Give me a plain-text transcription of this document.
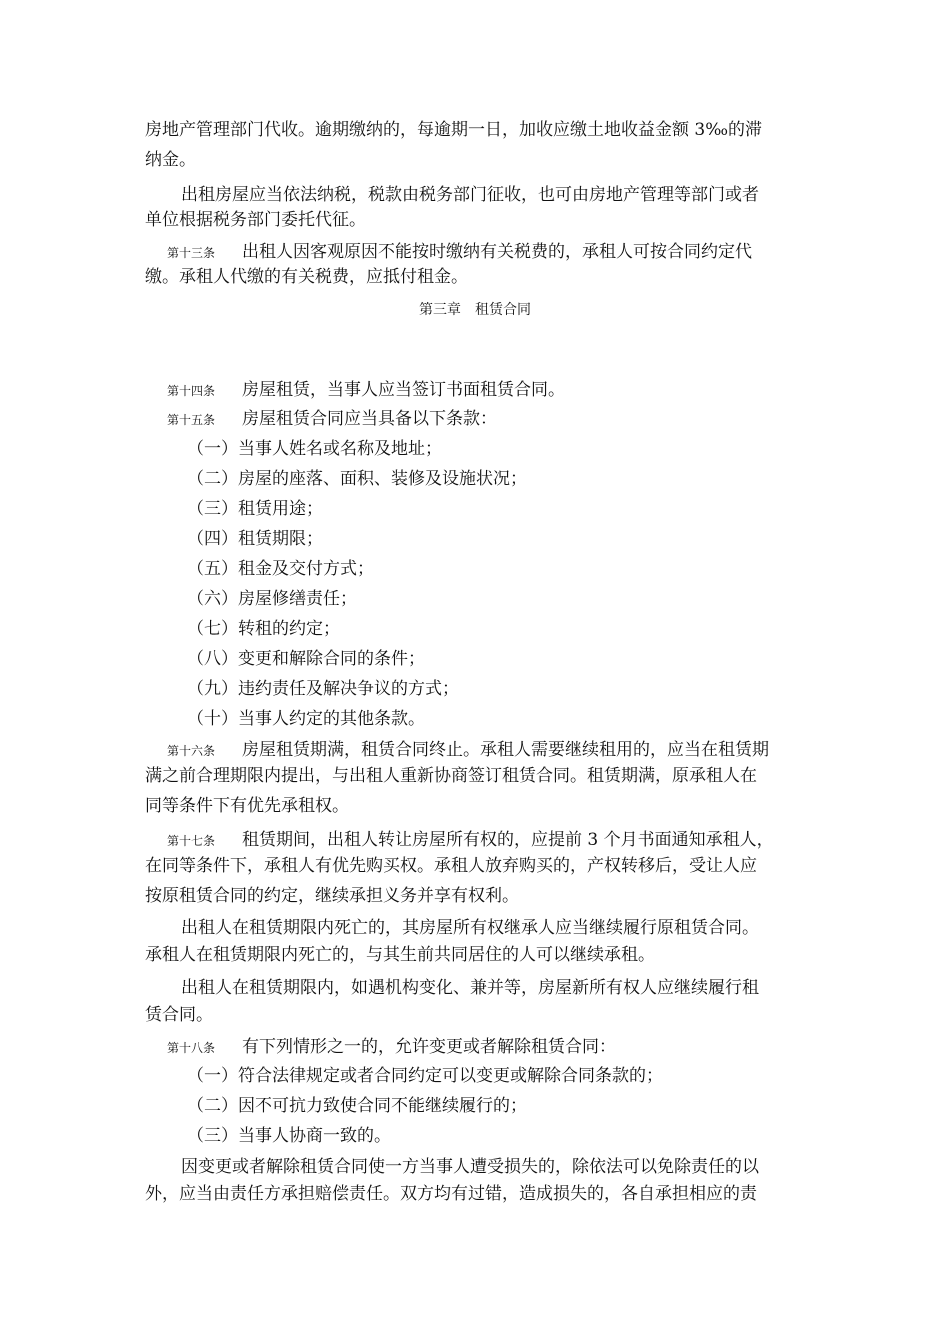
房地产管理部门代收。逾期缴纳的，每逾期一日，加收应缴土地收益金额 3‰的滞
纳金。
出租房屋应当依法纳税，税款由税务部门征收，也可由房地产管理等部门或者
单位根据税务部门委托代征。
第十三条 出租人因客观原因不能按时缴纳有关税费的，承租人可按合同约定代
缴。承租人代缴的有关税费，应抵付租金。
第三章　租赁合同
第十四条 房屋租赁，当事人应当签订书面租赁合同。
第十五条 房屋租赁合同应当具备以下条款：
（一）当事人姓名或名称及地址；
（二）房屋的座落、面积、装修及设施状况；
（三）租赁用途；
（四）租赁期限；
（五）租金及交付方式；
（六）房屋修缮责任；
（七）转租的约定；
（八）变更和解除合同的条件；
（九）违约责任及解决争议的方式；
（十）当事人约定的其他条款。
第十六条 房屋租赁期满，租赁合同终止。承租人需要继续租用的，应当在租赁期
满之前合理期限内提出，与出租人重新协商签订租赁合同。租赁期满，原承租人在
同等条件下有优先承租权。
第十七条 租赁期间，出租人转让房屋所有权的，应提前 3 个月书面通知承租人，
在同等条件下，承租人有优先购买权。承租人放弃购买的，产权转移后，受让人应
按原租赁合同的约定，继续承担义务并享有权利。
出租人在租赁期限内死亡的，其房屋所有权继承人应当继续履行原租赁合同。
承租人在租赁期限内死亡的，与其生前共同居住的人可以继续承租。
出租人在租赁期限内，如遇机构变化、兼并等，房屋新所有权人应继续履行租
赁合同。
第十八条 有下列情形之一的，允许变更或者解除租赁合同：
（一）符合法律规定或者合同约定可以变更或解除合同条款的；
（二）因不可抗力致使合同不能继续履行的；
（三）当事人协商一致的。
因变更或者解除租赁合同使一方当事人遭受损失的，除依法可以免除责任的以
外，应当由责任方承担赔偿责任。双方均有过错，造成损失的，各自承担相应的责
